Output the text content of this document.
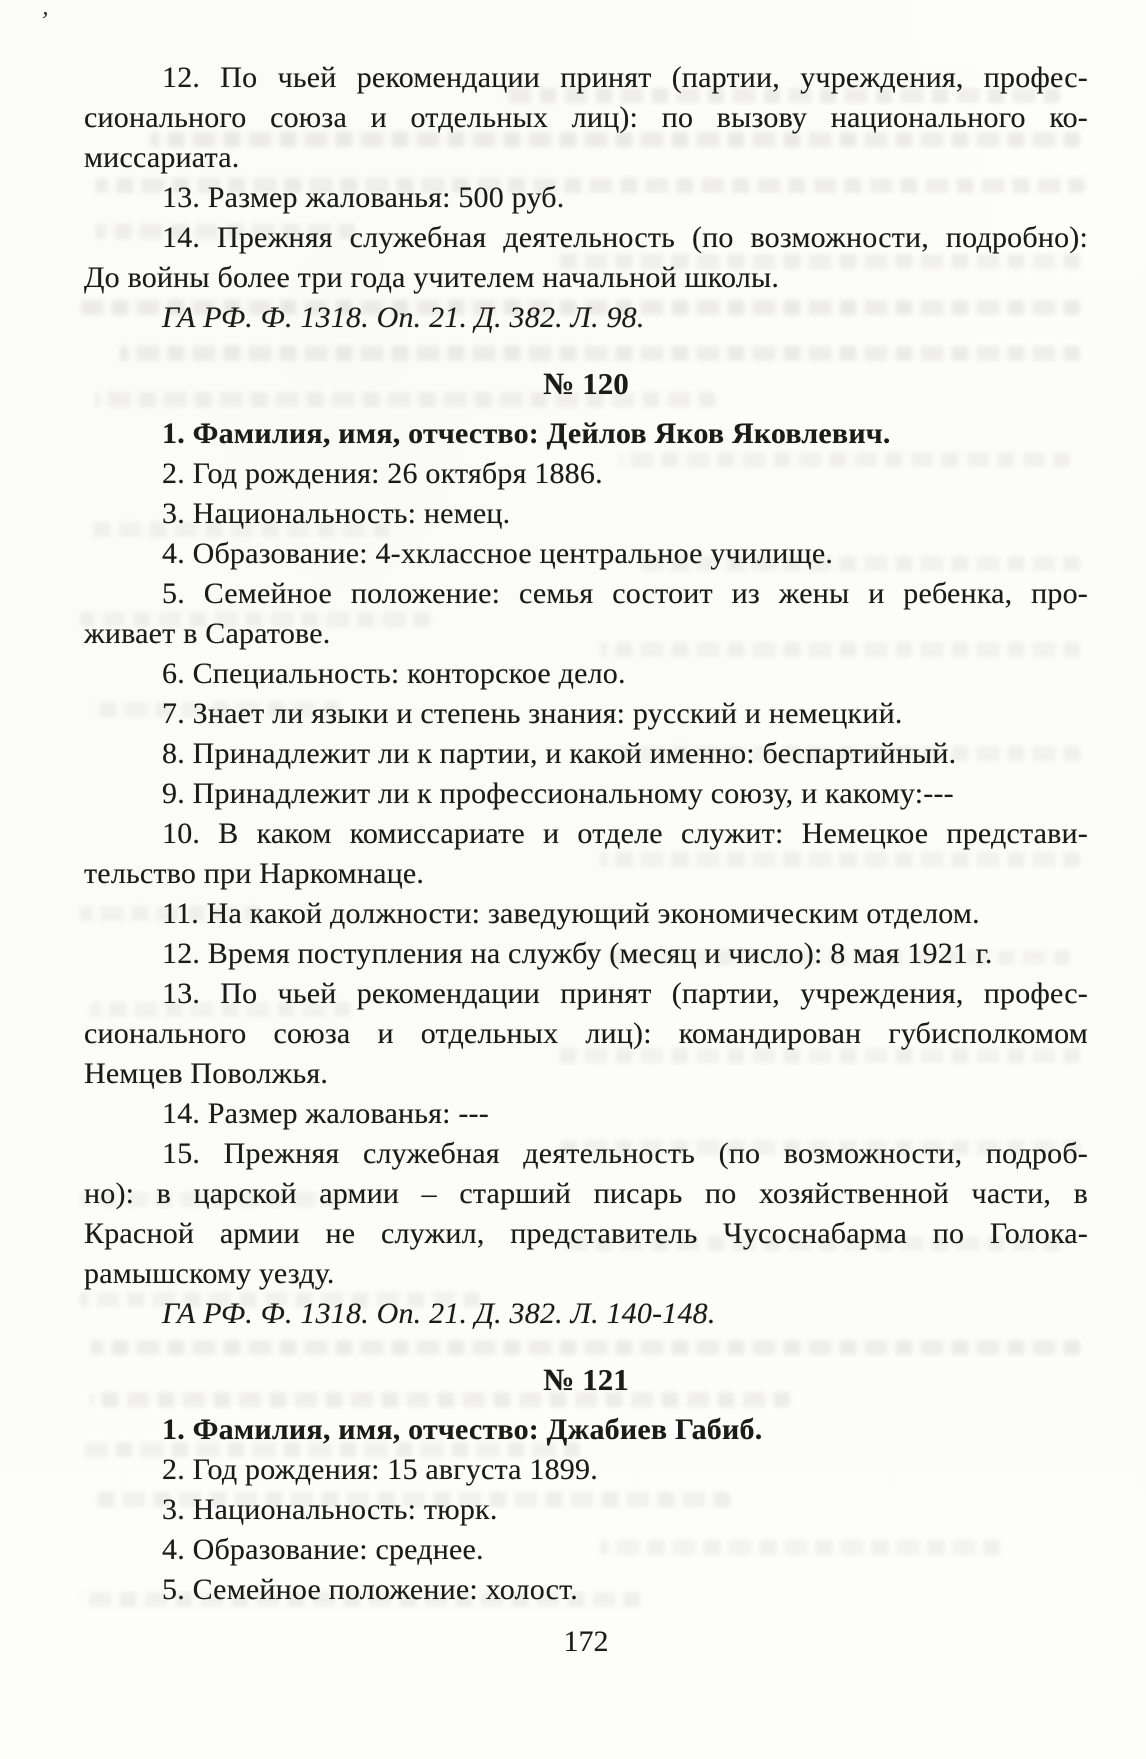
’
12. По чьей рекомендации принят (партии, учреждения, профес-
сионального союза и отдельных лиц): по вызову национального ко-
миссариата.
13. Размер жалованья: 500 руб.
14. Прежняя служебная деятельность (по возможности, подробно):
До войны более три года учителем начальной школы.
ГА РФ. Ф. 1318. Оп. 21. Д. 382. Л. 98.
№ 120
1. Фамилия, имя, отчество: Дейлов Яков Яковлевич.
2. Год рождения: 26 октября 1886.
3. Национальность: немец.
4. Образование: 4-хклассное центральное училище.
5. Семейное положение: семья состоит из жены и ребенка, про-
живает в Саратове.
6. Специальность: конторское дело.
7. Знает ли языки и степень знания: русский и немецкий.
8. Принадлежит ли к партии, и какой именно: беспартийный.
9. Принадлежит ли к профессиональному союзу, и какому:---
10. В каком комиссариате и отделе служит: Немецкое представи-
тельство при Наркомнаце.
11. На какой должности: заведующий экономическим отделом.
12. Время поступления на службу (месяц и число): 8 мая 1921 г.
13. По чьей рекомендации принят (партии, учреждения, профес-
сионального союза и отдельных лиц): командирован губисполкомом
Немцев Поволжья.
14. Размер жалованья: ---
15. Прежняя служебная деятельность (по возможности, подроб-
но): в царской армии – старший писарь по хозяйственной части, в
Красной армии не служил, представитель Чусоснабарма по Голока-
рамышскому уезду.
ГА РФ. Ф. 1318. Оп. 21. Д. 382. Л. 140-148.
№ 121
1. Фамилия, имя, отчество: Джабиев Габиб.
2. Год рождения: 15 августа 1899.
3. Национальность: тюрк.
4. Образование: среднее.
5. Семейное положение: холост.
172
